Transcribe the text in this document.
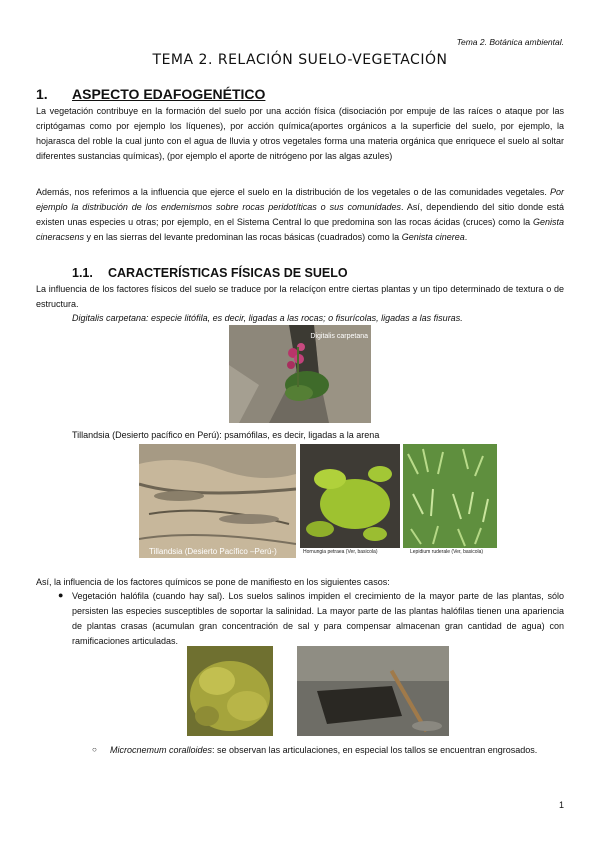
Tema 2. Botánica ambiental.
TEMA 2. RELACIÓN SUELO-VEGETACIÓN
1. ASPECTO EDAFOGENÉTICO
La vegetación contribuye en la formación del suelo por una acción física (disociación por empuje de las raíces o ataque por las criptógamas como por ejemplo los líquenes), por acción química(aportes orgánicos a la superficie del suelo, por ejemplo, la hojarasca del roble la cual junto con el agua de lluvia y otros vegetales forma una materia orgánica que enriquece el suelo al soltar diferentes sustancias químicas), (por ejemplo el aporte de nitrógeno por las algas azules)
Además, nos referimos a la influencia que ejerce el suelo en la distribución de los vegetales o de las comunidades vegetales. Por ejemplo la distribución de los endemismos sobre rocas peridotíticas o sus comunidades. Así, dependiendo del sitio donde está existen unas especies u otras; por ejemplo, en el Sistema Central lo que predomina son las rocas ácidas (cruces) como la Genista cineracsens y en las sierras del levante predominan las rocas básicas (cuadrados) como la Genista cinerea.
1.1. CARACTERÍSTICAS FÍSICAS DE SUELO
La influencia de los factores físicos del suelo se traduce por la relacíçon entre ciertas plantas y un tipo determinado de textura o de estructura.
Digitalis carpetana: especie litófila, es decir, ligadas a las rocas; o fisurícolas, ligadas a las fisuras.
Digitalis carpetana
Tillandsia (Desierto pacífico en Perú): psamófilas, es decir, ligadas a la arena
Tillandsia (Desierto Pacífico –Perú-)	Hornungia petraea (Ver, basicola)	Lepidium ruderale (Ver, basicola)
Así, la influencia de los factores químicos se pone de manifiesto en los siguientes casos:
● Vegetación halófila (cuando hay sal). Los suelos salinos impiden el crecimiento de la mayor parte de las plantas, sólo persisten las especies susceptibles de soportar la salinidad. La mayor parte de las plantas halófilas tienen una apariencia de plantas crasas (acumulan gran concentración de sal y para compensar almacenan gran cantidad de agua) con ramificaciones articuladas.
○ Microcnemum coralloides: se observan las articulaciones, en especial los tallos se encuentran engrosados.
1
